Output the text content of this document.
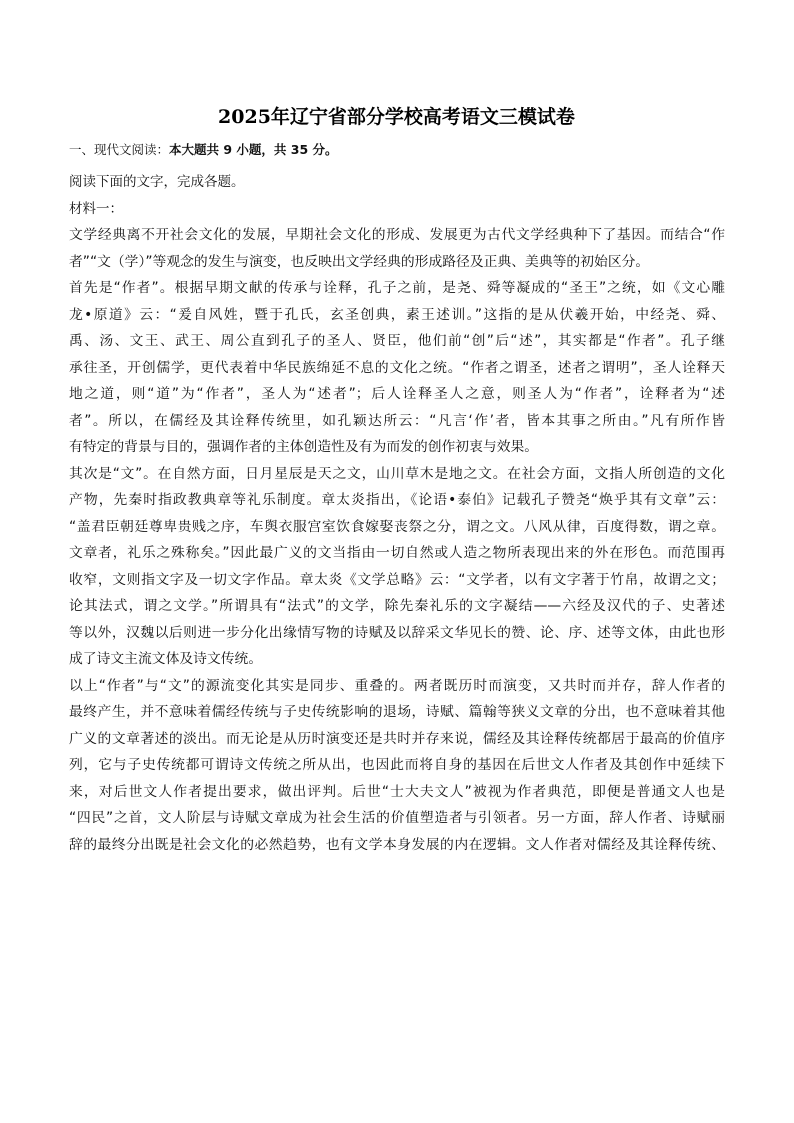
2025年辽宁省部分学校高考语文三模试卷

一、现代文阅读：本大题共 9 小题，共 35 分。

阅读下面的文字，完成各题。

材料一：

文学经典离不开社会文化的发展，早期社会文化的形成、发展更为古代文学经典种下了基因。而结合“作

者”“文（学）”等观念的发生与演变，也反映出文学经典的形成路径及正典、美典等的初始区分。

首先是“作者”。根据早期文献的传承与诠释，孔子之前，是尧、舜等凝成的“圣王”之统，如《文心雕

龙•原道》云：“爰自风姓，暨于孔氏，玄圣创典，素王述训。”这指的是从伏羲开始，中经尧、舜、

禹、汤、文王、武王、周公直到孔子的圣人、贤臣，他们前“创”后“述”，其实都是“作者”。孔子继

承往圣，开创儒学，更代表着中华民族绵延不息的文化之统。“作者之谓圣，述者之谓明”，圣人诠释天

地之道，则“道”为“作者”，圣人为“述者”；后人诠释圣人之意，则圣人为“作者”，诠释者为“述

者”。所以，在儒经及其诠释传统里，如孔颖达所云：“凡言‘作’者，皆本其事之所由。”凡有所作皆

有特定的背景与目的，强调作者的主体创造性及有为而发的创作初衷与效果。

其次是“文”。在自然方面，日月星辰是天之文，山川草木是地之文。在社会方面，文指人所创造的文化

产物，先秦时指政教典章等礼乐制度。章太炎指出，《论语•泰伯》记载孔子赞尧“焕乎其有文章”云：

“盖君臣朝廷尊卑贵贱之序，车舆衣服宫室饮食嫁娶丧祭之分，谓之文。八风从律，百度得数，谓之章。

文章者，礼乐之殊称矣。”因此最广义的文当指由一切自然或人造之物所表现出来的外在形色。而范围再

收窄，文则指文字及一切文字作品。章太炎《文学总略》云：“文学者，以有文字著于竹帛，故谓之文；

论其法式，谓之文学。”所谓具有“法式”的文学，除先秦礼乐的文字凝结——六经及汉代的子、史著述

等以外，汉魏以后则进一步分化出缘情写物的诗赋及以辞采文华见长的赞、论、序、述等文体，由此也形

成了诗文主流文体及诗文传统。

以上“作者”与“文”的源流变化其实是同步、重叠的。两者既历时而演变，又共时而并存，辞人作者的

最终产生，并不意味着儒经传统与子史传统影响的退场，诗赋、篇翰等狭义文章的分出，也不意味着其他

广义的文章著述的淡出。而无论是从历时演变还是共时并存来说，儒经及其诠释传统都居于最高的价值序

列，它与子史传统都可谓诗文传统之所从出，也因此而将自身的基因在后世文人作者及其创作中延续下

来，对后世文人作者提出要求，做出评判。后世“士大夫文人”被视为作者典范，即便是普通文人也是

“四民”之首，文人阶层与诗赋文章成为社会生活的价值塑造者与引领者。另一方面，辞人作者、诗赋丽

辞的最终分出既是社会文化的必然趋势，也有文学本身发展的内在逻辑。文人作者对儒经及其诠释传统、
